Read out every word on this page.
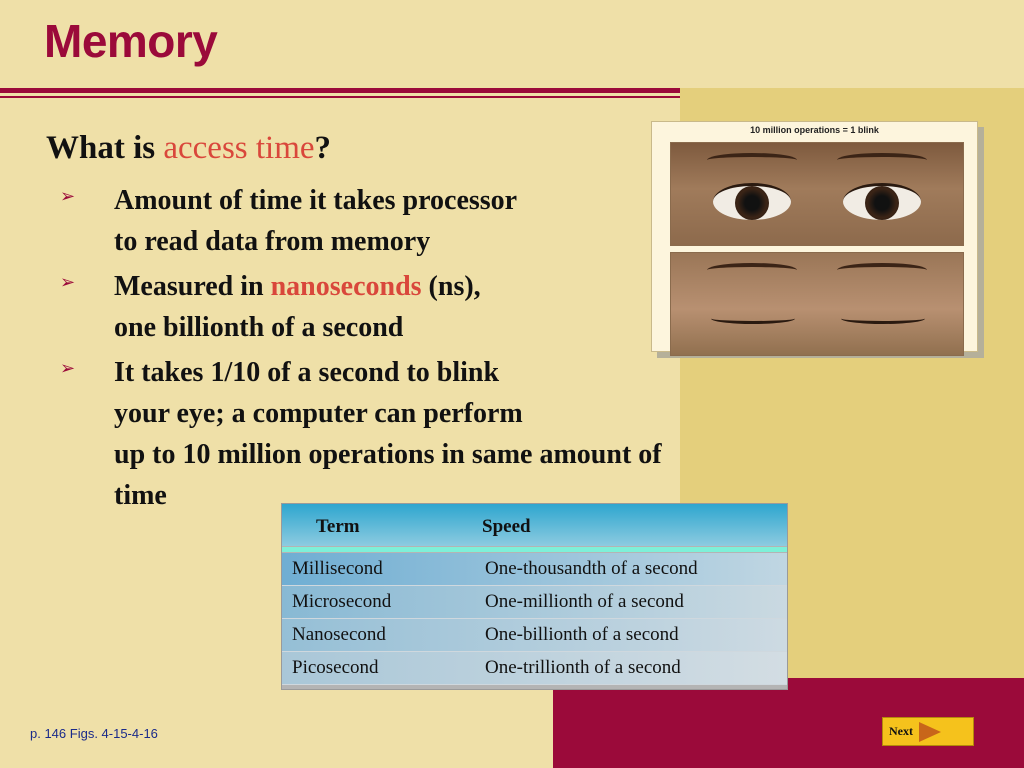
Memory
What is access time?
➢ Amount of time it takes processor
to read data from memory
➢ Measured in nanoseconds (ns),
one billionth of a second
➢ It takes 1/10 of a second to blink
your eye; a computer can perform
up to 10 million operations in same amount of
time
10 million operations = 1 blink
Term	Speed
Millisecond	One-thousandth of a second
Microsecond	One-millionth of a second
Nanosecond	One-billionth of a second
Picosecond	One-trillionth of a second
p. 146 Figs. 4-15-4-16	Next
